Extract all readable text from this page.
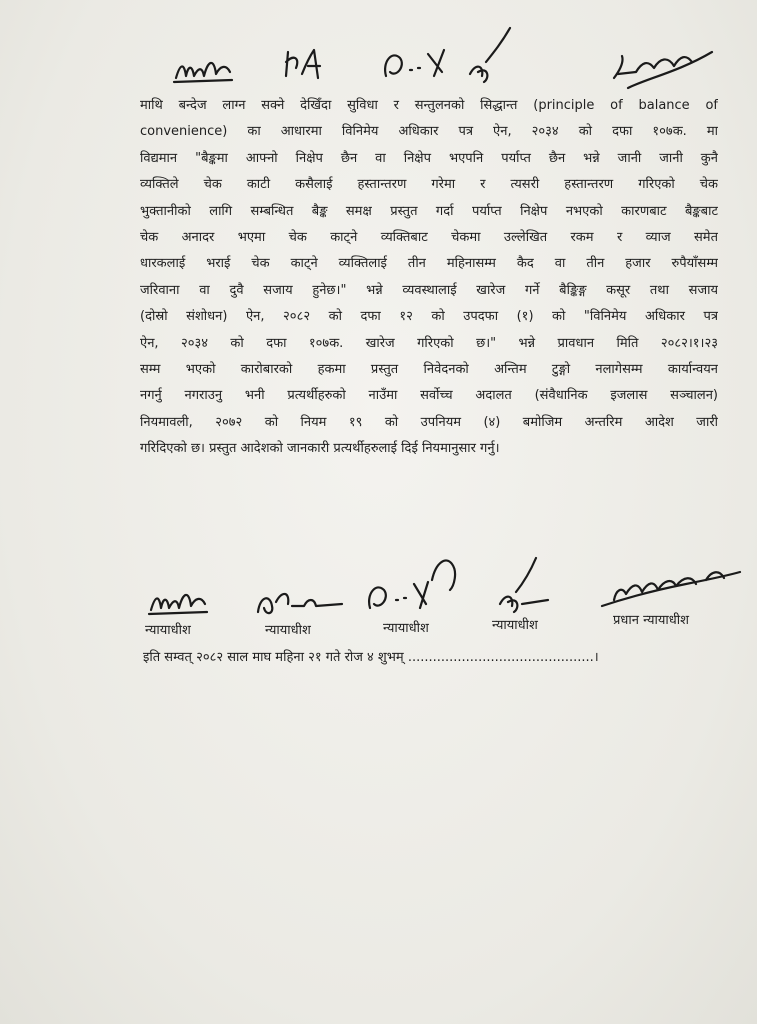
माथि बन्देज लाग्न सक्ने देखिँदा सुविधा र सन्तुलनको सिद्धान्त (principle of balance of
convenience) का आधारमा विनिमेय अधिकार पत्र ऐन, २०३४ को दफा १०७क. मा
विद्यमान "बैङ्कमा आफ्नो निक्षेप छैन वा निक्षेप भएपनि पर्याप्त छैन भन्ने जानी जानी कुनै
व्यक्तिले चेक काटी कसैलाई हस्तान्तरण गरेमा र त्यसरी हस्तान्तरण गरिएको चेक
भुक्तानीको लागि सम्बन्धित बैङ्क समक्ष प्रस्तुत गर्दा पर्याप्त निक्षेप नभएको कारणबाट बैङ्कबाट
चेक अनादर भएमा चेक काट्ने व्यक्तिबाट चेकमा उल्लेखित रकम र व्याज समेत
धारकलाई भराई चेक काट्ने व्यक्तिलाई तीन महिनासम्म कैद वा तीन हजार रुपैयाँसम्म
जरिवाना वा दुवै सजाय हुनेछ।" भन्ने व्यवस्थालाई खारेज गर्ने बैङ्किङ्ग कसूर तथा सजाय
(दोस्रो संशोधन) ऐन, २०८२ को दफा १२ को उपदफा (१) को "विनिमेय अधिकार पत्र
ऐन, २०३४ को दफा १०७क. खारेज गरिएको छ।" भन्ने प्रावधान मिति २०८२।१।२३
सम्म भएको कारोबारको हकमा प्रस्तुत निवेदनको अन्तिम टुङ्गो नलागेसम्म कार्यान्वयन
नगर्नु नगराउनु भनी प्रत्यर्थीहरुको नाउँमा सर्वोच्च अदालत (संवैधानिक इजलास सञ्चालन)
नियमावली, २०७२ को नियम १९ को उपनियम (४) बमोजिम अन्तरिम आदेश जारी
गरिदिएको छ। प्रस्तुत आदेशको जानकारी प्रत्यर्थीहरुलाई दिई नियमानुसार गर्नु।
न्यायाधीश	न्यायाधीश	न्यायाधीश	न्यायाधीश	प्रधान न्यायाधीश
इति सम्वत् २०८२ साल माघ महिना २१ गते रोज ४ शुभम् .............................................।
